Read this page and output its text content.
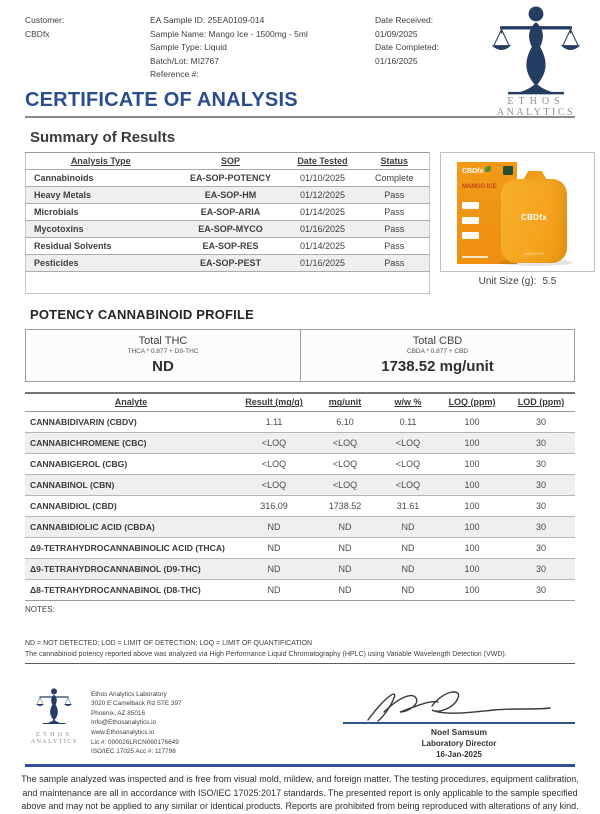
Customer:
CBDfx
EA Sample ID: 25EA0109-014
Sample Name: Mango Ice - 1500mg - 5ml
Sample Type: Liquid
Batch/Lot: MI2767
Reference #:
Date Received:
01/09/2025
Date Completed:
01/16/2025
ETHOS
ANALYTICS
CERTIFICATE OF ANALYSIS
Summary of Results
Analysis Type	SOP	Date Tested	Status
Cannabinoids	EA-SOP-POTENCY	01/10/2025	Complete
Heavy Metals	EA-SOP-HM	01/12/2025	Pass
Microbials	EA-SOP-ARIA	01/14/2025	Pass
Mycotoxins	EA-SOP-MYCO	01/16/2025	Pass
Residual Solvents	EA-SOP-RES	01/14/2025	Pass
Pesticides	EA-SOP-PEST	01/16/2025	Pass

CBDfx
MANGO ICE
CBDfx
MANGO ICE
Unit Size (g): 5.5
POTENCY CANNABINOID PROFILE
Total THC
THCA * 0.877 + D9-THC
ND
Total CBD
CBDA * 0.877 + CBD
1738.52 mg/unit
Analyte	Result (mg/g)	mg/unit	w/w %	LOQ (ppm)	LOD (ppm)
CANNABIDIVARIN (CBDV)	1.11	6.10	0.11	100	30
CANNABICHROMENE (CBC)	<LOQ	<LOQ	<LOQ	100	30
CANNABIGEROL (CBG)	<LOQ	<LOQ	<LOQ	100	30
CANNABINOL (CBN)	<LOQ	<LOQ	<LOQ	100	30
CANNABIDIOL (CBD)	316.09	1738.52	31.61	100	30
CANNABIDIOLIC ACID (CBDA)	ND	ND	ND	100	30
Δ9-TETRAHYDROCANNABINOLIC ACID (THCA)	ND	ND	ND	100	30
Δ9-TETRAHYDROCANNABINOL (D9-THC)	ND	ND	ND	100	30
Δ8-TETRAHYDROCANNABINOL (D8-THC)	ND	ND	ND	100	30
NOTES:
ND = NOT DETECTED; LOD = LIMIT OF DETECTION; LOQ = LIMIT OF QUANTIFICATION
The cannabinoid potency reported above was analyzed via High Performance Liquid Chromatography (HPLC) using Variable Wavelength Detection (VWD).
ETHOS
ANALYTICS
Ethos Analytics Laboratory
3020 E Camelback Rd STE 397
Phoenix, AZ 85016
Info@Ethosanalytics.io
www.Ethosanalytics.io
Lic #: 000026LRCN060176649
ISO/IEC 17025 Acc #: 117798
Noel Samsum
Laboratory Director
16-Jan-2025
The sample analyzed was inspected and is free from visual mold, mildew, and foreign matter. The testing procedures, equipment calibration, and maintenance are all in accordance with ISO/IEC 17025:2017 standards. The presented report is only applicable to the sample specified above and may not be applied to any similar or identical products. Reports are prohibited from being reproduced with alterations of any kind.
